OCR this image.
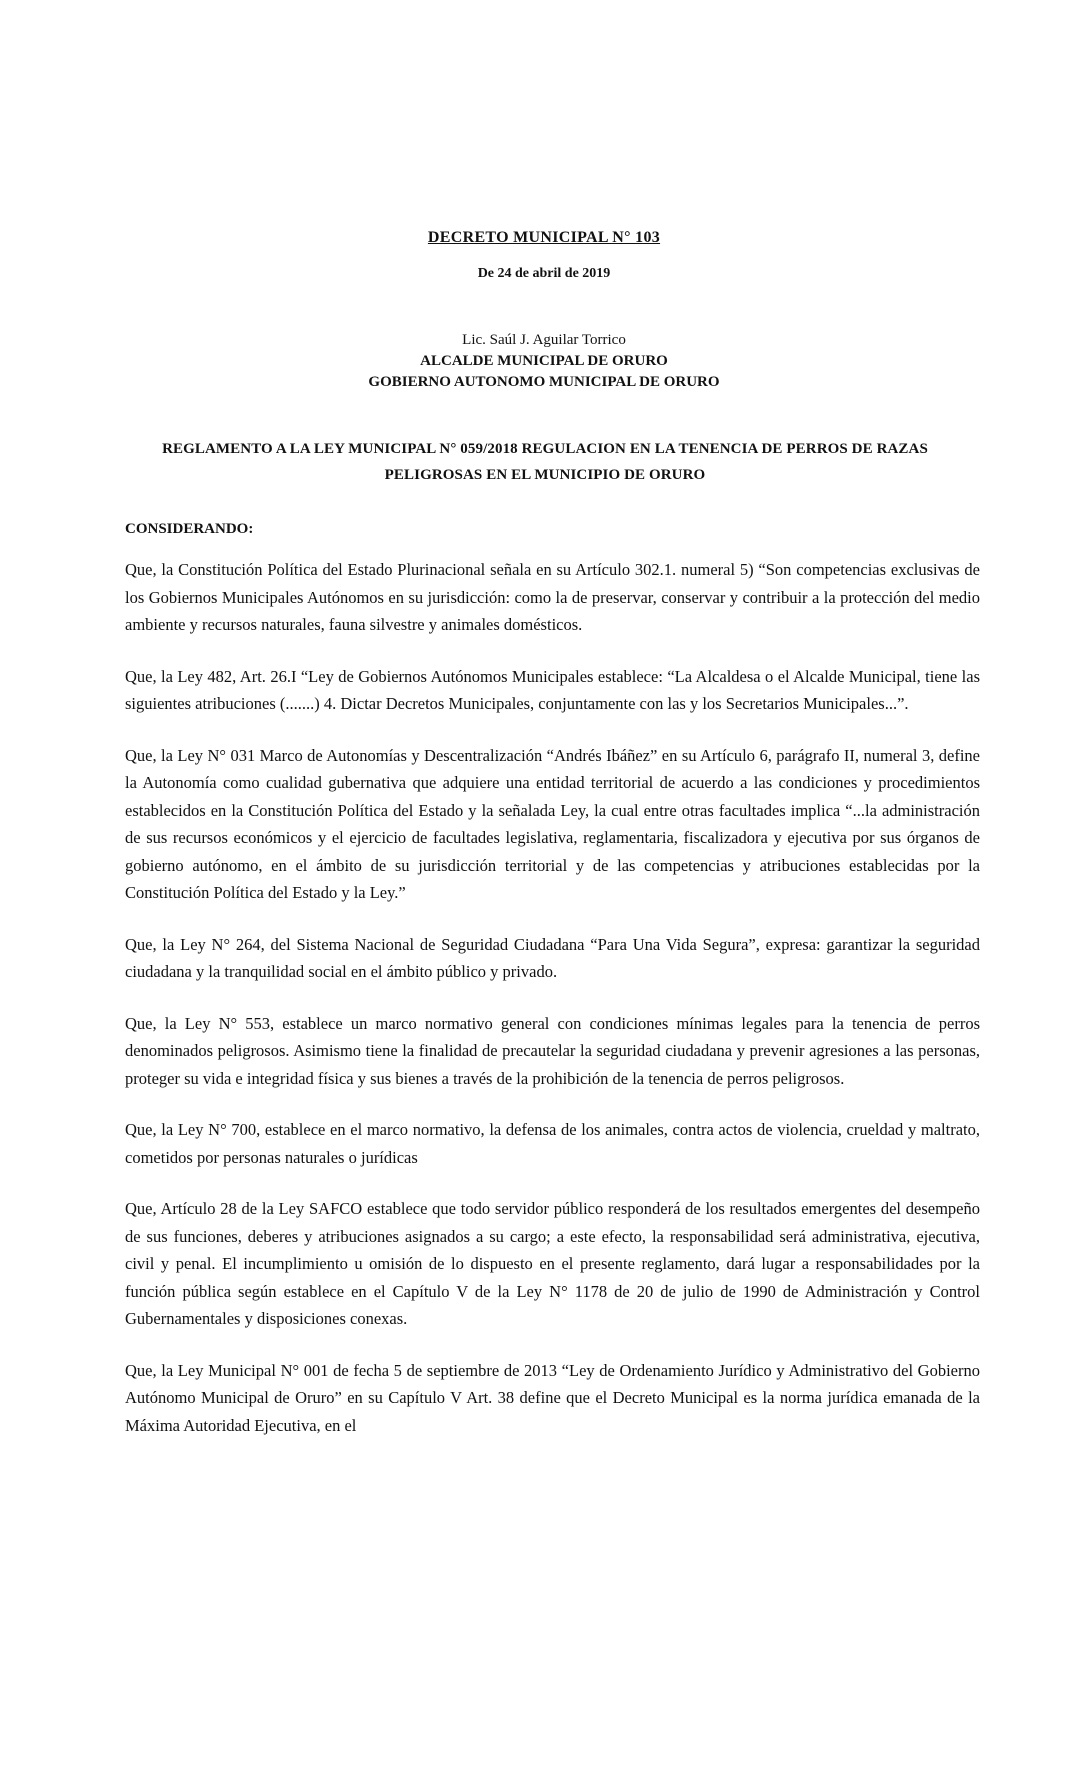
DECRETO MUNICIPAL N° 103
De 24 de abril de 2019
Lic. Saúl J. Aguilar Torrico
ALCALDE MUNICIPAL DE ORURO
GOBIERNO AUTONOMO MUNICIPAL DE ORURO
REGLAMENTO A LA LEY MUNICIPAL N° 059/2018 REGULACION EN LA TENENCIA DE PERROS DE RAZAS PELIGROSAS EN EL MUNICIPIO DE ORURO
CONSIDERANDO:

Que, la Constitución Política del Estado Plurinacional señala en su Artículo 302.1. numeral 5) “Son competencias exclusivas de los Gobiernos Municipales Autónomos en su jurisdicción: como la de preservar, conservar y contribuir a la protección del medio ambiente y recursos naturales, fauna silvestre y animales domésticos.

Que, la Ley 482, Art. 26.I “Ley de Gobiernos Autónomos Municipales establece: “La Alcaldesa o el Alcalde Municipal, tiene las siguientes atribuciones (.......) 4. Dictar Decretos Municipales, conjuntamente con las y los Secretarios Municipales...”.

Que, la Ley N° 031 Marco de Autonomías y Descentralización “Andrés Ibáñez” en su Artículo 6, parágrafo II, numeral 3, define la Autonomía como cualidad gubernativa que adquiere una entidad territorial de acuerdo a las condiciones y procedimientos establecidos en la Constitución Política del Estado y la señalada Ley, la cual entre otras facultades implica “...la administración de sus recursos económicos y el ejercicio de facultades legislativa, reglamentaria, fiscalizadora y ejecutiva por sus órganos de gobierno autónomo, en el ámbito de su jurisdicción territorial y de las competencias y atribuciones establecidas por la Constitución Política del Estado y la Ley.”

Que, la Ley N° 264, del Sistema Nacional de Seguridad Ciudadana “Para Una Vida Segura”, expresa: garantizar la seguridad ciudadana y la tranquilidad social en el ámbito público y privado.

Que, la Ley N° 553, establece un marco normativo general con condiciones mínimas legales para la tenencia de perros denominados peligrosos. Asimismo tiene la finalidad de precautelar la seguridad ciudadana y prevenir agresiones a las personas, proteger su vida e integridad física y sus bienes a través de la prohibición de la tenencia de perros peligrosos.

Que, la Ley N° 700, establece en el marco normativo, la defensa de los animales, contra actos de violencia, crueldad y maltrato, cometidos por personas naturales o jurídicas

Que, Artículo 28 de la Ley SAFCO establece que todo servidor público responderá de los resultados emergentes del desempeño de sus funciones, deberes y atribuciones asignados a su cargo; a este efecto, la responsabilidad será administrativa, ejecutiva, civil y penal. El incumplimiento u omisión de lo dispuesto en el presente reglamento, dará lugar a responsabilidades por la función pública según establece en el Capítulo V de la Ley N° 1178 de 20 de julio de 1990 de Administración y Control Gubernamentales y disposiciones conexas.

Que, la Ley Municipal N° 001 de fecha 5 de septiembre de 2013 “Ley de Ordenamiento Jurídico y Administrativo del Gobierno Autónomo Municipal de Oruro” en su Capítulo V Art. 38 define que el Decreto Municipal es la norma jurídica emanada de la Máxima Autoridad Ejecutiva, en el
